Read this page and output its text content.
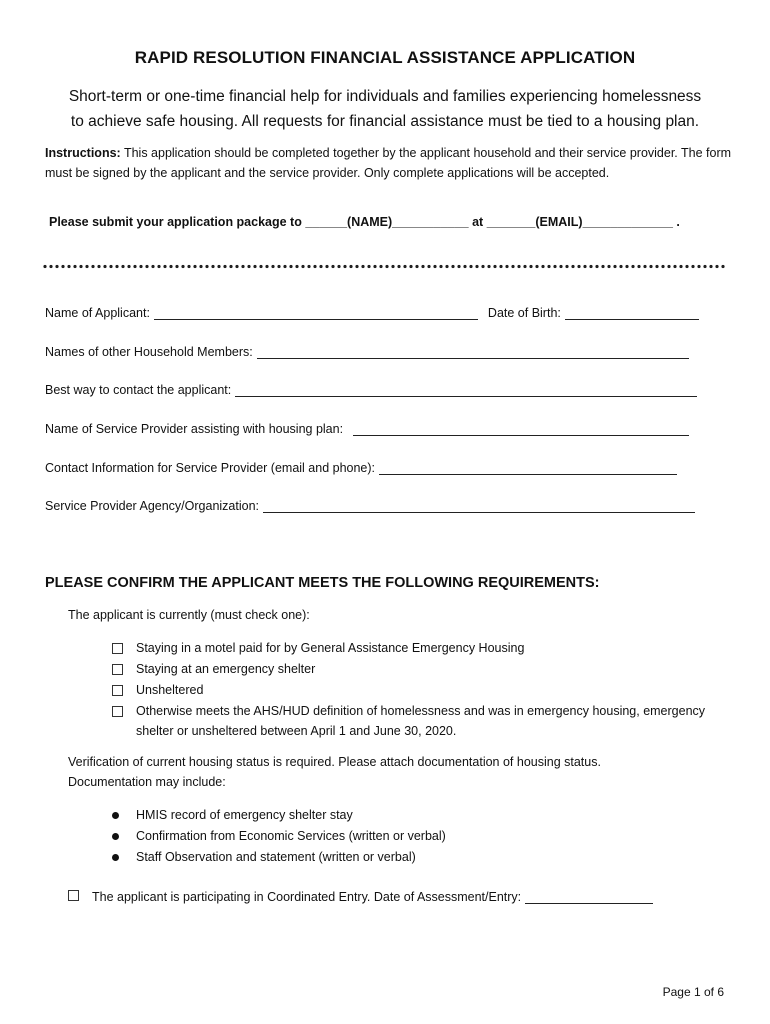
RAPID RESOLUTION FINANCIAL ASSISTANCE APPLICATION
Short-term or one-time financial help for individuals and families experiencing homelessness
to achieve safe housing. All requests for financial assistance must be tied to a housing plan.
Instructions: This application should be completed together by the applicant household and their service provider. The form must be signed by the applicant and the service provider. Only complete applications will be accepted.
Please submit your application package to ______(NAME)___________ at _______(EMAIL)_____________ .
Name of Applicant:	Date of Birth:
Names of other Household Members:
Best way to contact the applicant:
Name of Service Provider assisting with housing plan:
Contact Information for Service Provider (email and phone):
Service Provider Agency/Organization:
PLEASE CONFIRM THE APPLICANT MEETS THE FOLLOWING REQUIREMENTS:
The applicant is currently (must check one):
Staying in a motel paid for by General Assistance Emergency Housing
Staying at an emergency shelter
Unsheltered
Otherwise meets the AHS/HUD definition of homelessness and was in emergency housing, emergency shelter or unsheltered between April 1 and June 30, 2020.
Verification of current housing status is required. Please attach documentation of housing status.
Documentation may include:
HMIS record of emergency shelter stay
Confirmation from Economic Services (written or verbal)
Staff Observation and statement (written or verbal)
The applicant is participating in Coordinated Entry. Date of Assessment/Entry:
Page 1 of 6
